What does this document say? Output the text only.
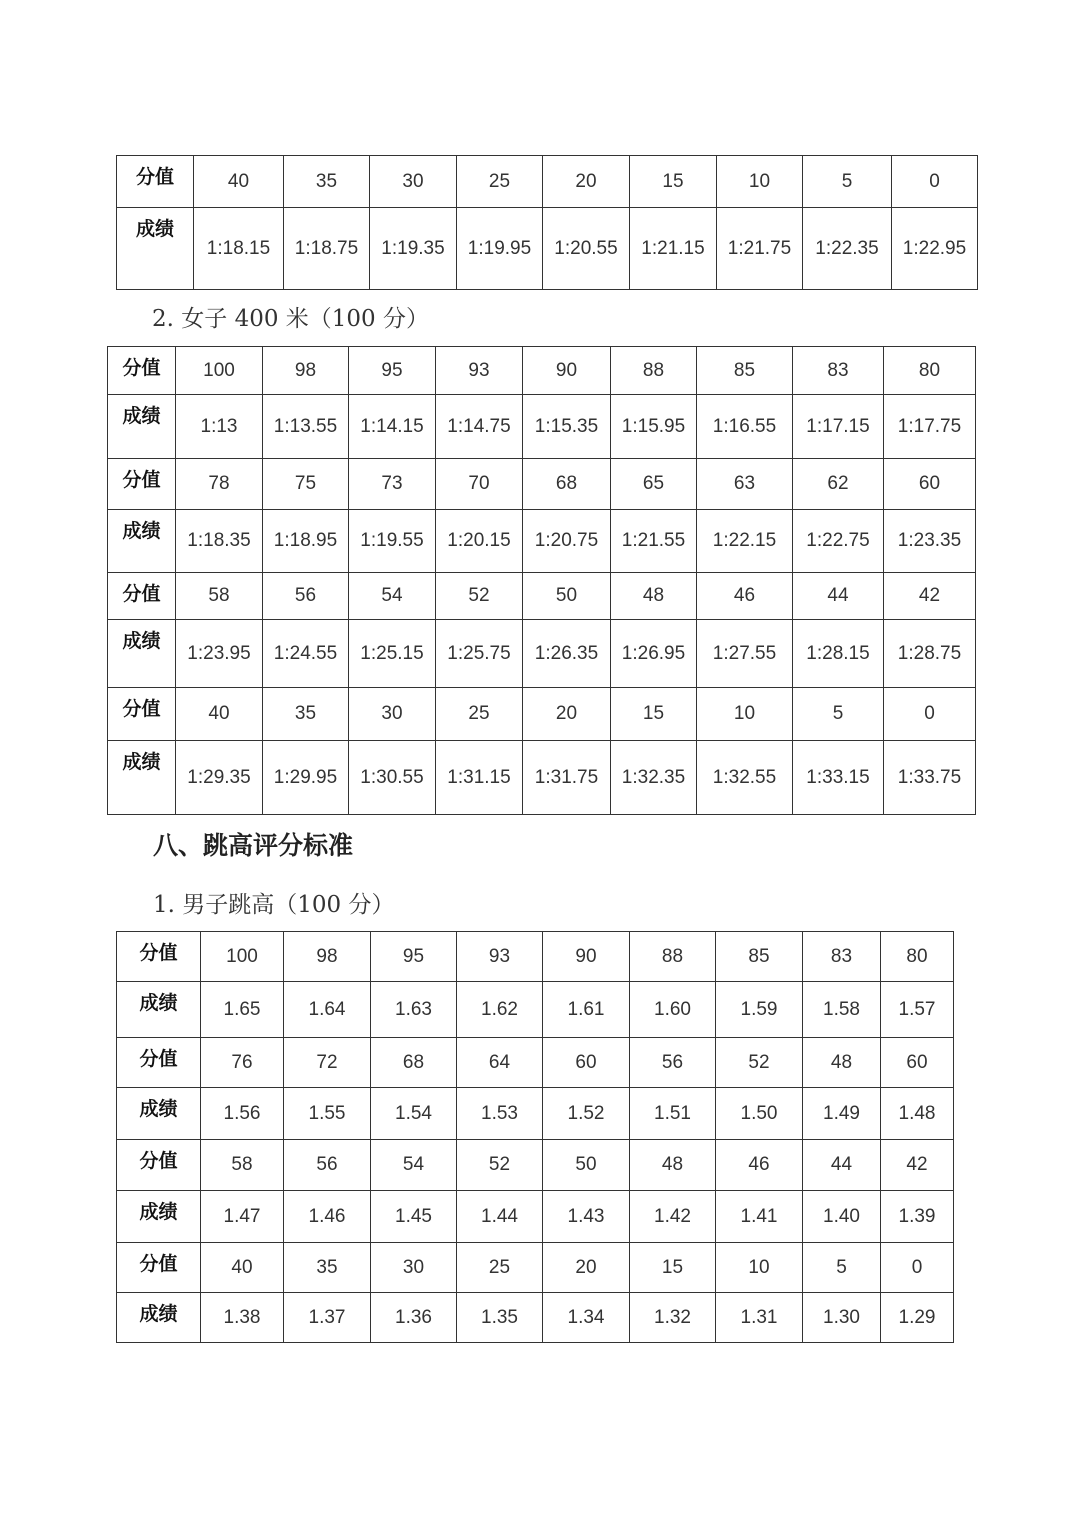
分值	40	35	30	25	20	15	10	5	0
成绩	1:18.15	1:18.75	1:19.35	1:19.95	1:20.55	1:21.15	1:21.75	1:22.35	1:22.95
2. 女子 400 米（100 分）
分值	100	98	95	93	90	88	85	83	80
成绩	1:13	1:13.55	1:14.15	1:14.75	1:15.35	1:15.95	1:16.55	1:17.15	1:17.75
分值	78	75	73	70	68	65	63	62	60
成绩	1:18.35	1:18.95	1:19.55	1:20.15	1:20.75	1:21.55	1:22.15	1:22.75	1:23.35
分值	58	56	54	52	50	48	46	44	42
成绩	1:23.95	1:24.55	1:25.15	1:25.75	1:26.35	1:26.95	1:27.55	1:28.15	1:28.75
分值	40	35	30	25	20	15	10	5	0
成绩	1:29.35	1:29.95	1:30.55	1:31.15	1:31.75	1:32.35	1:32.55	1:33.15	1:33.75
八、跳高评分标准
1. 男子跳高（100 分）
分值	100	98	95	93	90	88	85	83	80
成绩	1.65	1.64	1.63	1.62	1.61	1.60	1.59	1.58	1.57
分值	76	72	68	64	60	56	52	48	60
成绩	1.56	1.55	1.54	1.53	1.52	1.51	1.50	1.49	1.48
分值	58	56	54	52	50	48	46	44	42
成绩	1.47	1.46	1.45	1.44	1.43	1.42	1.41	1.40	1.39
分值	40	35	30	25	20	15	10	5	0
成绩	1.38	1.37	1.36	1.35	1.34	1.32	1.31	1.30	1.29
